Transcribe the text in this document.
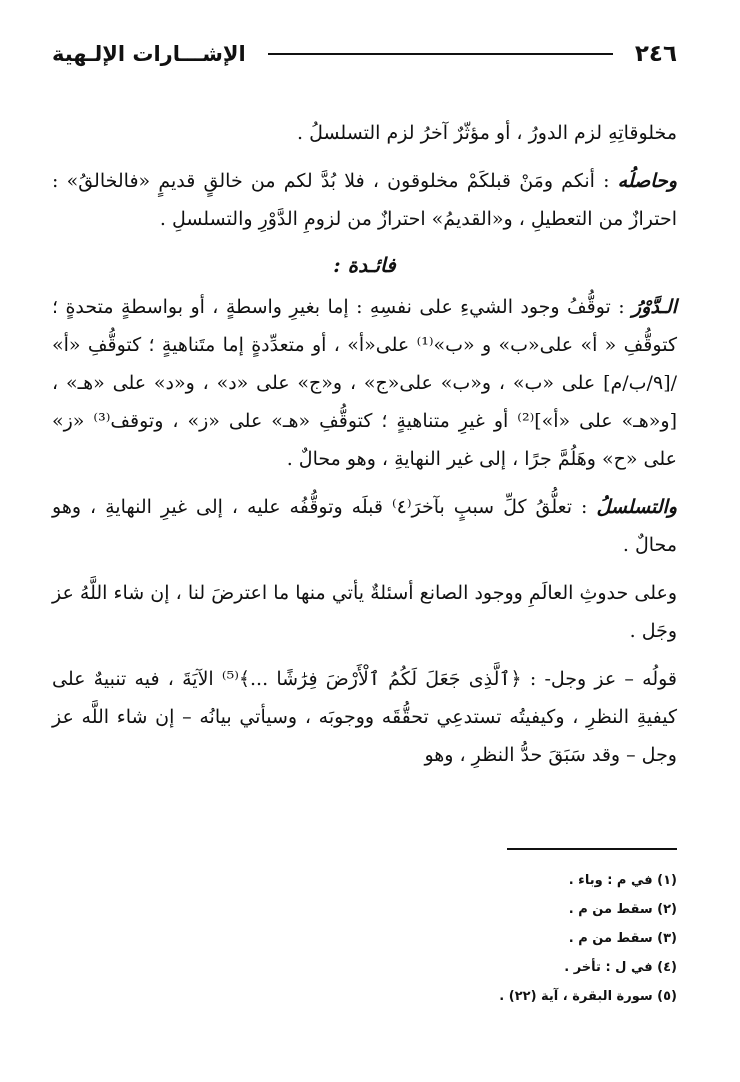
٢٤٦
الإشـــارات الإلـهية

مخلوقاتِهِ لزم الدورُ ، أو مؤثّرٌ آخرُ لزم التسلسلُ .

وحاصلُه : أنكم ومَنْ قبلكَمْ مخلوقون ، فلا بُدَّ لكم من خالقٍ قديمٍ «فالخالقُ» : احترازٌ من التعطيلِ ، و«القديمُ» احترازٌ من لزومِ الدَّوْرِ والتسلسلِ .

فائـدة :

الـدَّوْرُ : توقُّفُ وجود الشيءِ على نفسِهِ : إما بغيرِ واسطةٍ ، أو بواسطةٍ متحدةٍ ؛ كتوقُّفِ « أ» على«ب» و «ب»⁽¹⁾ على«أ» ، أو متعدِّدةٍ إما متَناهيةٍ ؛ كتوقُّفِ «أ» /[٩/ب/م] على «ب» ، و«ب» على«ج» ، و«ج» على «د» ، و«د» على «هـ» ، [و«هـ» على «أ»]⁽²⁾ أو غيرِ متناهيةٍ ؛ كتوقُّفِ «هـ» على «ز» ، وتوقف⁽³⁾ «ز» على «ح» وهَلُمَّ جرًا ، إلى غير النهايةِ ، وهو محالٌ .

والتسلسلُ : تعلُّقُ كلِّ سببٍ بآخرَ⁽٤⁾ قبلَه وتوقُّفُه عليه ، إلى غيرِ النهايةِ ، وهو محالٌ .

وعلى حدوثِ العالَمِ ووجود الصانع أسئلةٌ يأتي منها ما اعترضَ لنا ، إن شاء اللَّهُ عز وجَل .

قولُه – عز وجل- : ﴿ٱلَّذِى جَعَلَ لَكُمُ ٱلْأَرْضَ فِرَٰشًا ...﴾⁽⁵⁾ الآيَةَ ، فيه تنبيهٌ على كيفيةِ النظرِ ، وكيفيتُه تستدعِي تحقُّقَه ووجوبَه ، وسيأتي بيانُه – إن شاء اللَّه عز وجل – وقد سَبَقَ حدُّ النظرِ ، وهو

(١) في م : وباء .
(٢) سقط من م .
(٣) سقط من م .
(٤) في ل : تأخر .
(٥) سورة البقرة ، آية (٢٢) .
